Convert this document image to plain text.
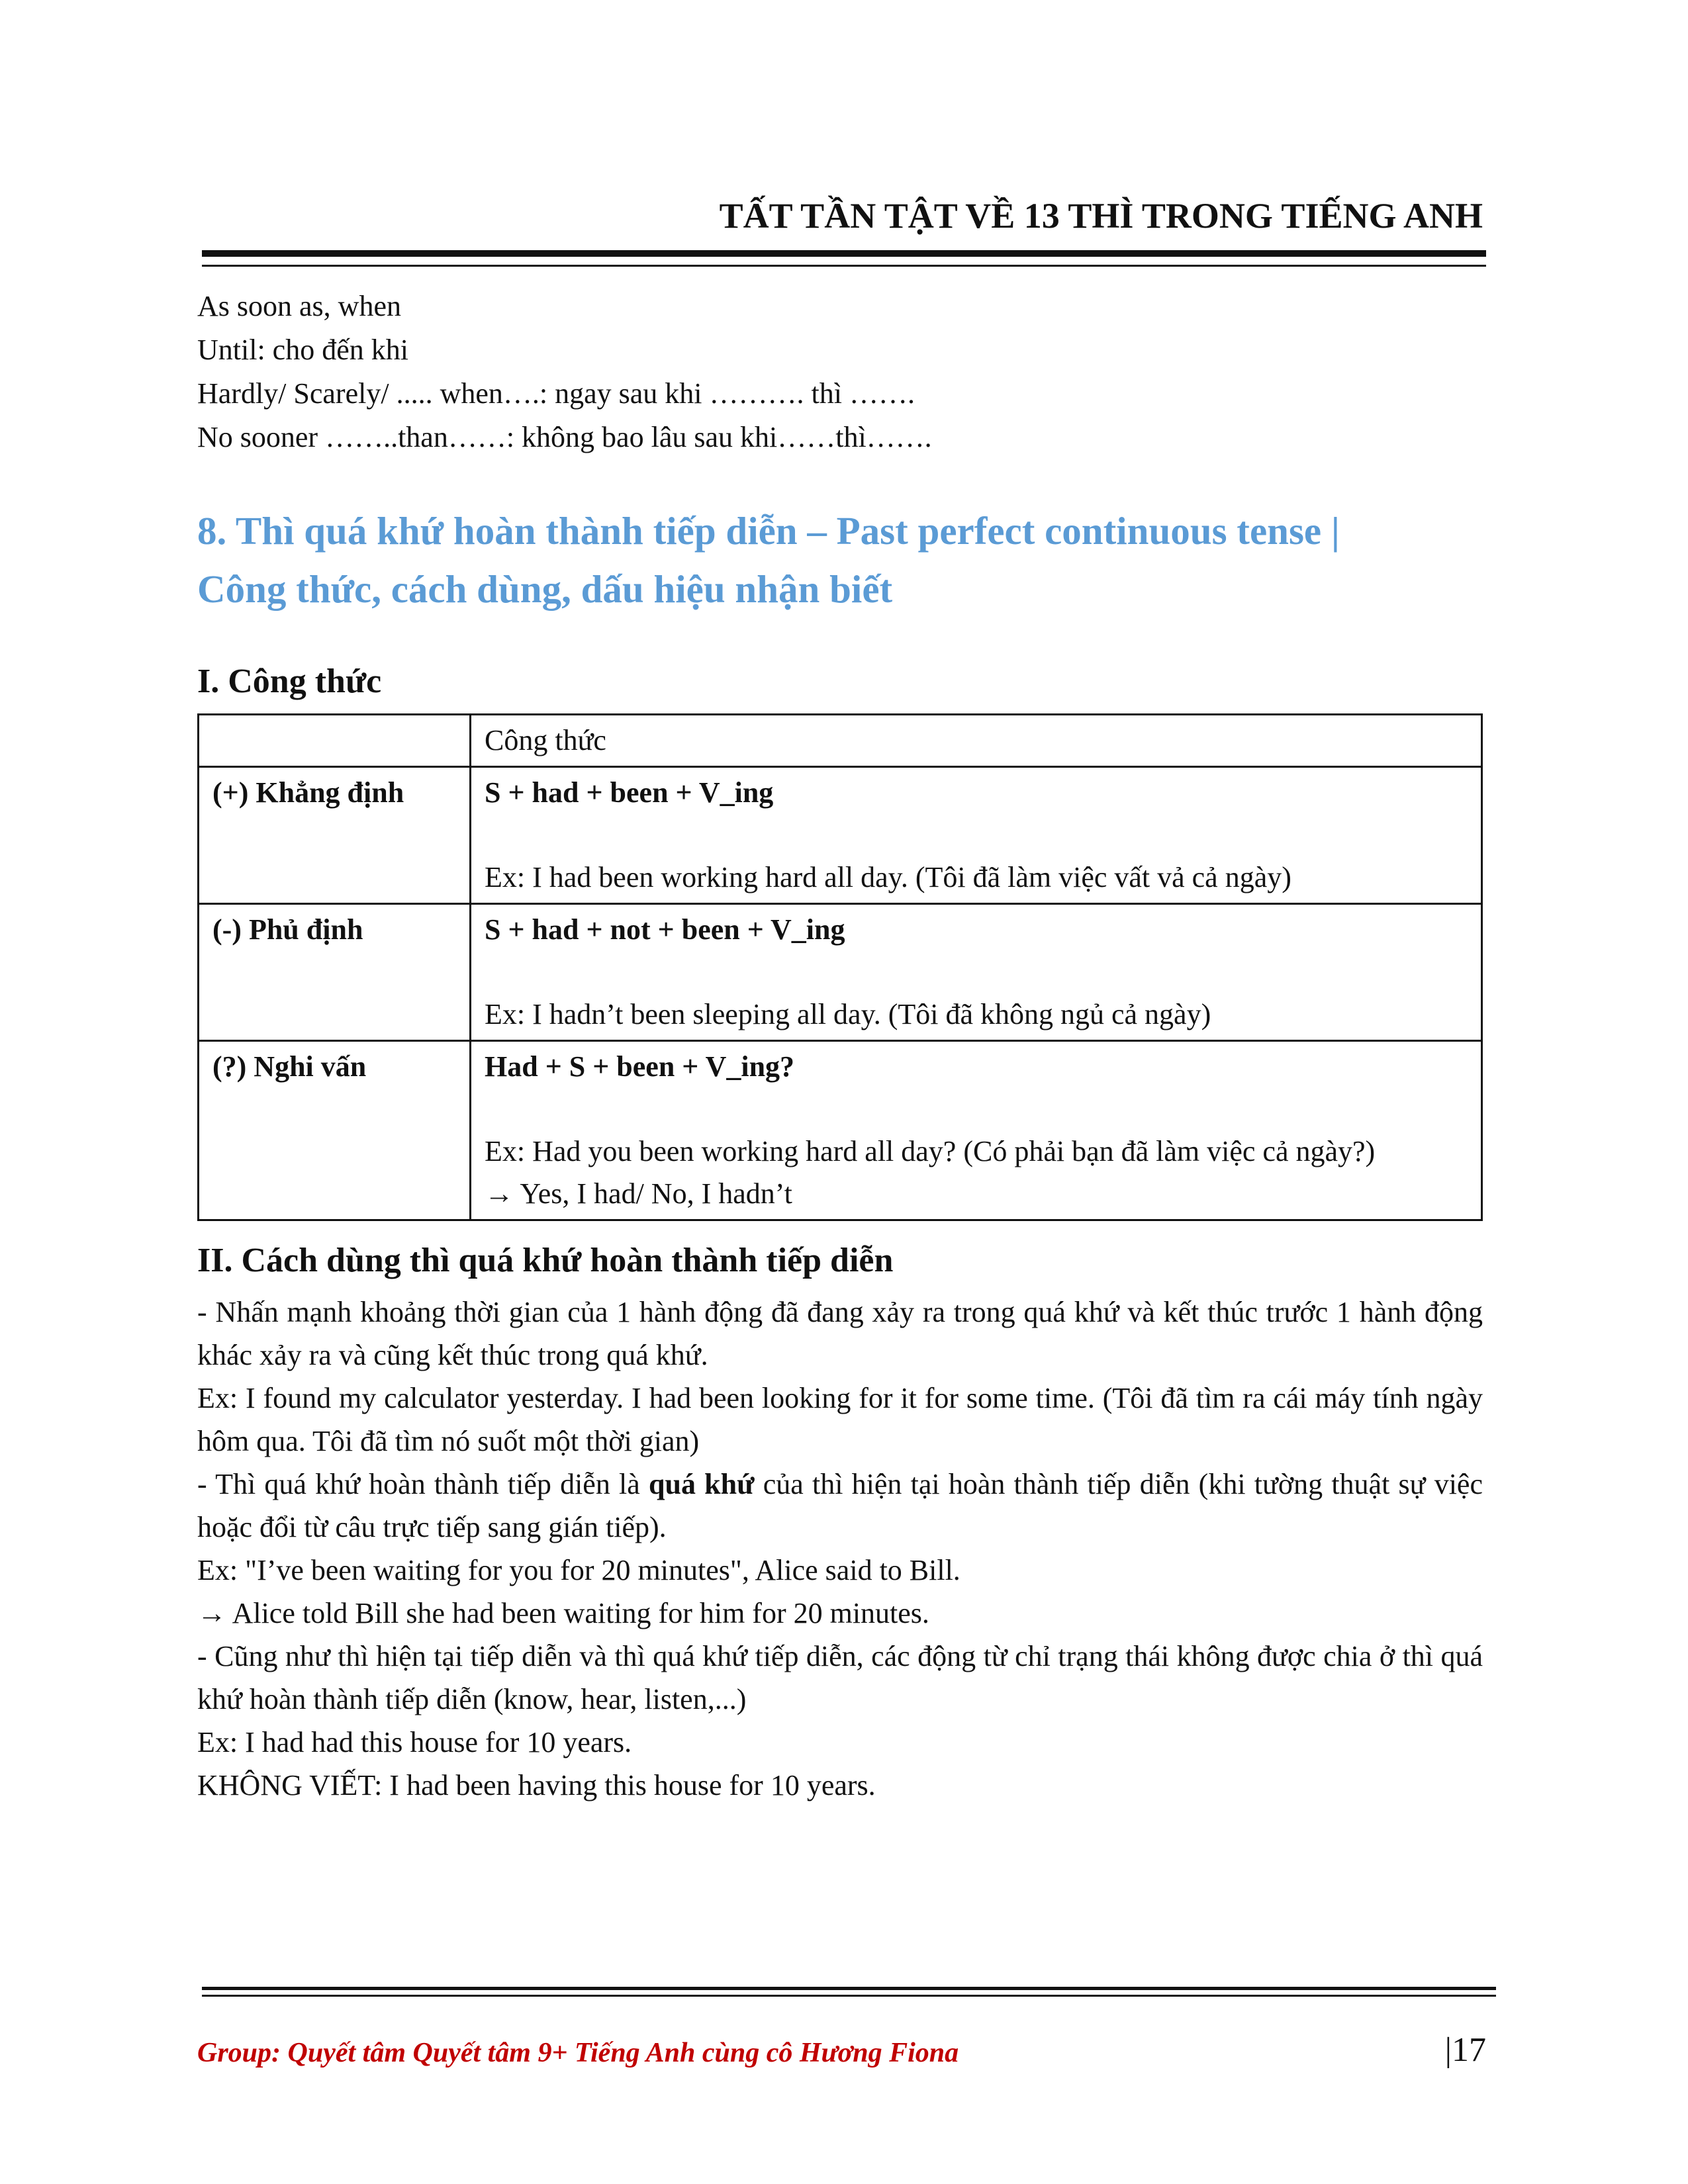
TẤT TẦN TẬT VỀ 13 THÌ TRONG TIẾNG ANH

As soon as, when

Until: cho đến khi

Hardly/ Scarely/ ..... when….: ngay sau khi ………. thì …….

No sooner ……..than……: không bao lâu sau khi……thì…….

8. Thì quá khứ hoàn thành tiếp diễn – Past perfect continuous tense |
Công thức, cách dùng, dấu hiệu nhận biết
I. Công thức
	Công thức
(+) Khẳng định	S + had + been + V_ing
Ex: I had been working hard all day. (Tôi đã làm việc vất vả cả ngày)

(-) Phủ định	S + had + not + been + V_ing
Ex: I hadn’t been sleeping all day. (Tôi đã không ngủ cả ngày)

(?) Nghi vấn	Had + S + been + V_ing?
Ex: Had you been working hard all day? (Có phải bạn đã làm việc cả ngày?)
→ Yes, I had/ No, I hadn’t
II. Cách dùng thì quá khứ hoàn thành tiếp diễn

- Nhấn mạnh khoảng thời gian của 1 hành động đã đang xảy ra trong quá khứ và kết thúc trước 1 hành động khác xảy ra và cũng kết thúc trong quá khứ.

Ex: I found my calculator yesterday. I had been looking for it for some time. (Tôi đã tìm ra cái máy tính ngày hôm qua. Tôi đã tìm nó suốt một thời gian)

- Thì quá khứ hoàn thành tiếp diễn là quá khứ của thì hiện tại hoàn thành tiếp diễn (khi tường thuật sự việc hoặc đổi từ câu trực tiếp sang gián tiếp).

Ex: "I’ve been waiting for you for 20 minutes", Alice said to Bill.

→ Alice told Bill she had been waiting for him for 20 minutes.

- Cũng như thì hiện tại tiếp diễn và thì quá khứ tiếp diễn, các động từ chỉ trạng thái không được chia ở thì quá khứ hoàn thành tiếp diễn (know, hear, listen,...)

Ex: I had had this house for 10 years.

KHÔNG VIẾT: I had been having this house for 10 years.

Group: Quyết tâm Quyết tâm 9+ Tiếng Anh cùng cô Hương Fiona	|17
